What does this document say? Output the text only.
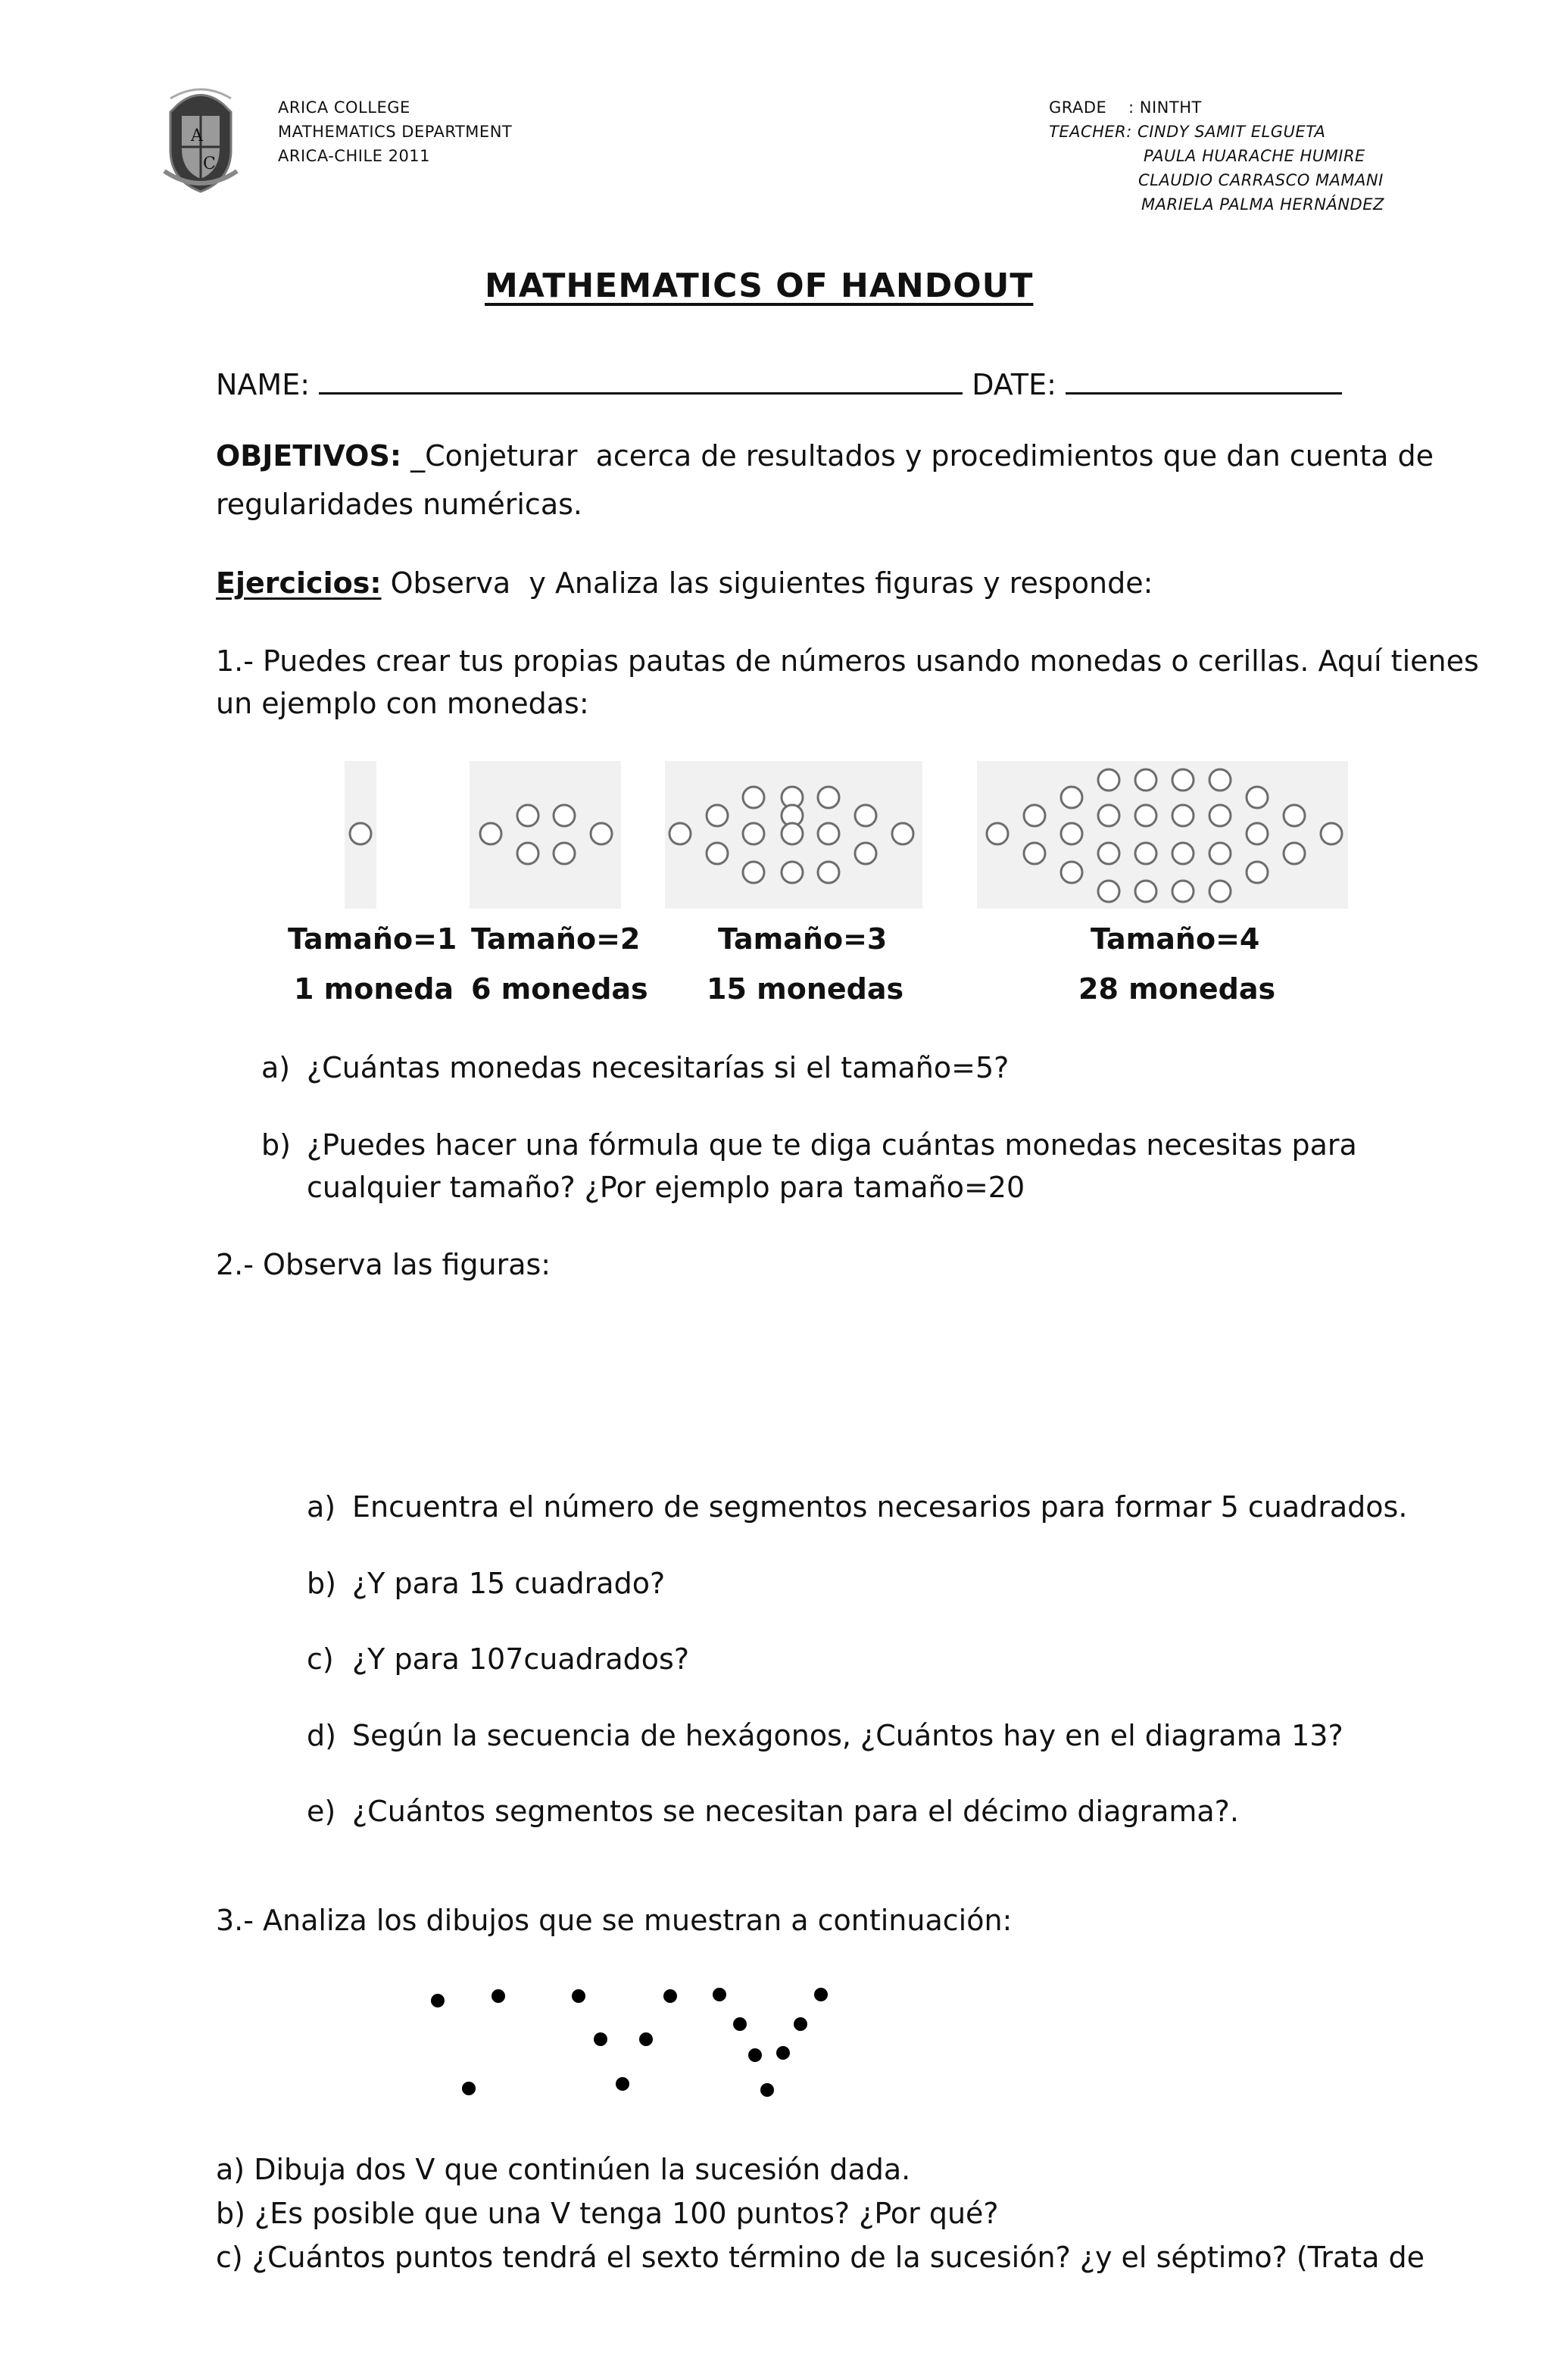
A
C
ARICA COLLEGE
MATHEMATICS DEPARTMENT
ARICA-CHILE 2011
GRADE    : NINTHT
TEACHER: CINDY SAMIT ELGUETA
PAULA HUARACHE HUMIRE
CLAUDIO CARRASCO MAMANI
MARIELA PALMA HERNÁNDEZ
MATHEMATICS OF HANDOUT
NAME:	DATE:
OBJETIVOS: _Conjeturar  acerca de resultados y procedimientos que dan cuenta de
regularidades numéricas.
Ejercicios: Observa  y Analiza las siguientes figuras y responde:
1.- Puedes crear tus propias pautas de números usando monedas o cerillas. Aquí tienes
un ejemplo con monedas:
Tamaño=1 Tamaño=2	Tamaño=3	Tamaño=4
1 moneda 6 monedas 15 monedas	28 monedas
a) ¿Cuántas monedas necesitarías si el tamaño=5?
b) ¿Puedes hacer una fórmula que te diga cuántas monedas necesitas para
cualquier tamaño? ¿Por ejemplo para tamaño=20
2.- Observa las figuras:
a) Encuentra el número de segmentos necesarios para formar 5 cuadrados.
b) ¿Y para 15 cuadrado?
c) ¿Y para 107cuadrados?
d) Según la secuencia de hexágonos, ¿Cuántos hay en el diagrama 13?
e) ¿Cuántos segmentos se necesitan para el décimo diagrama?.
3.- Analiza los dibujos que se muestran a continuación:
a) Dibuja dos V que continúen la sucesión dada.
b) ¿Es posible que una V tenga 100 puntos? ¿Por qué?
c) ¿Cuántos puntos tendrá el sexto término de la sucesión? ¿y el séptimo? (Trata de
